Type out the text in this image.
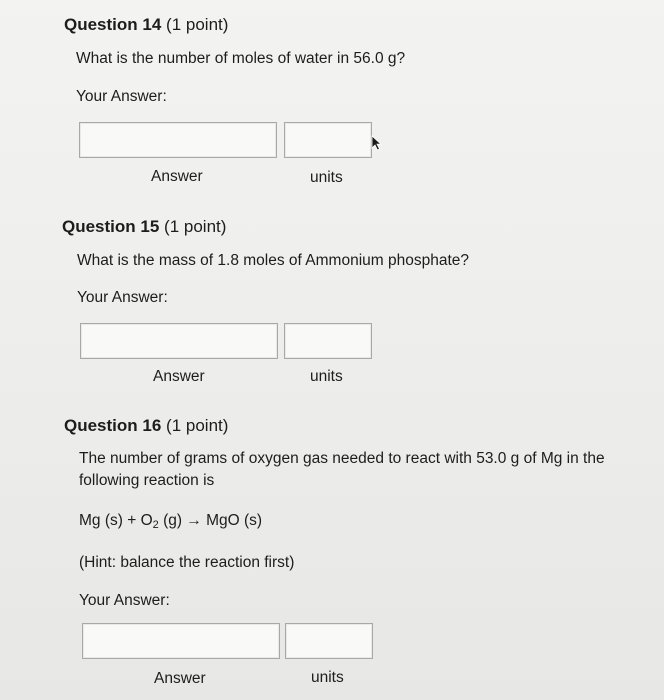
Question 14 (1 point)
What is the number of moles of water in 56.0 g?
Your Answer:
Answer	units
Question 15 (1 point)
What is the mass of 1.8 moles of Ammonium phosphate?
Your Answer:
Answer	units
Question 16 (1 point)
The number of grams of oxygen gas needed to react with 53.0 g of Mg in the following reaction is
Mg $(s) + O_2$ (g) → MgO (s)
(Hint: balance the reaction first)
Your Answer:
Answer	units
